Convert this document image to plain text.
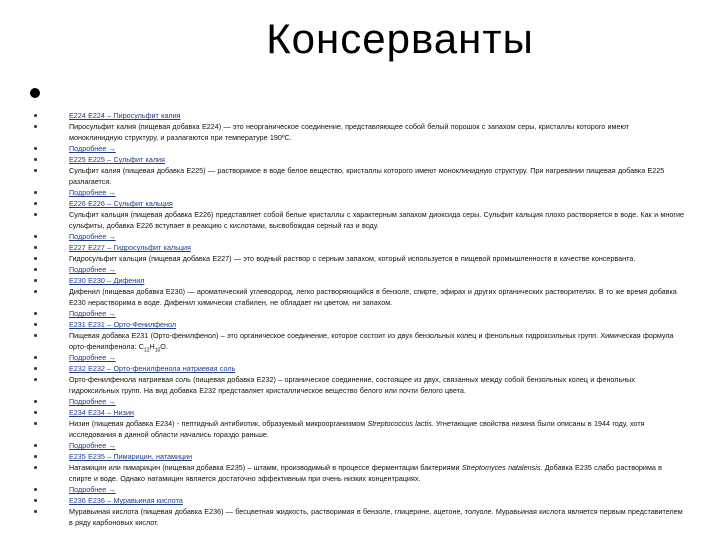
Консерванты
E224 E224 – Пиросульфит калия
Пиросульфит калия (пищевая добавка E224) — это неорганическое соединение, представляющее собой белый порошок с запахом серы, кристаллы которого имеют моноклинидную структуру, и разлагаются при температуре 190ºC.
Подробнее →
E225 E225 – Сульфит калия
Сульфит калия (пищевая добавка E225) — растворимое в воде белое вещество, кристаллы которого имеют моноклинидную структуру. При нагревании пищевая добавка E225 разлагается.
Подробнее →
E226 E226 – Сульфит кальция
Сульфит кальция (пищевая добавка E226) представляет собой белые кристаллы с характерным запахом диоксида серы. Сульфит кальция плохо растворяется в воде. Как и многие сульфиты, добавка E226 вступает в реакцию с кислотами, высвобождая серный газ и воду.
Подробнее →
E227 E227 – Гидросульфит кальция
Гидросульфит кальция (пищевая добавка E227) — это водный раствор с серным запахом, который используется в пищевой промышленности в качестве консерванта.
Подробнее →
E230 E230 – Дифенил
Дифенил (пищевая добавка E230) — ароматический углеводород, легко растворяющийся в бензоле, спирте, эфирах и других органических растворителях. В то же время добавка E230 нерастворима в воде. Дифенил химически стабилен, не обладает ни цветом, ни запахом.
Подробнее →
E231 E231 – Орто-Фенилфенол
Пищевая добавка E231 (Орто-фенилфенол) – это органическое соединение, которое состоит из двух бензольных колец и фенольных гидроксильных групп. Химическая формула орто-фенилфенола: $C_{12}H_{10}O$.
Подробнее →
E232 E232 – Орто-фенилфенола натриевая соль
Орто-фенилфенола натриевая соль (пищевая добавка E232) – органическое соединение, состоящее из двух, связанных между собой бензольных колец и фенольных гидроксильных групп. На вид добавка E232 представляет кристаллическое вещество белого или почти белого цвета.
Подробнее →
E234 E234 – Низин
Низин (пищевая добавка E234) - пептидный антибиотик, образуемый микроорганизмом Streptococcus lactis. Угнетающие свойства низина были описаны в 1944 году, хотя исследования в данной области начались гораздо раньше.
Подробнее →
E235 E235 – Пимарицин, натамицин
Натамицин или пимарицин (пищевая добавка E235) – штамм, производимый в процессе ферментации бактериями Streptomyces natalensis. Добавка E235 слабо растворима в спирте и воде. Однако натамицин является достаточно эффективным при очень низких концентрациях.
Подробнее →
E236 E236 – Муравьиная кислота
Муравьиная кислота (пищевая добавка E236) — бесцветная жидкость, растворимая в бензоле, глицерине, ацетоне, толуоле. Муравьиная кислота является первым представителем в ряду карбоновых кислот.
